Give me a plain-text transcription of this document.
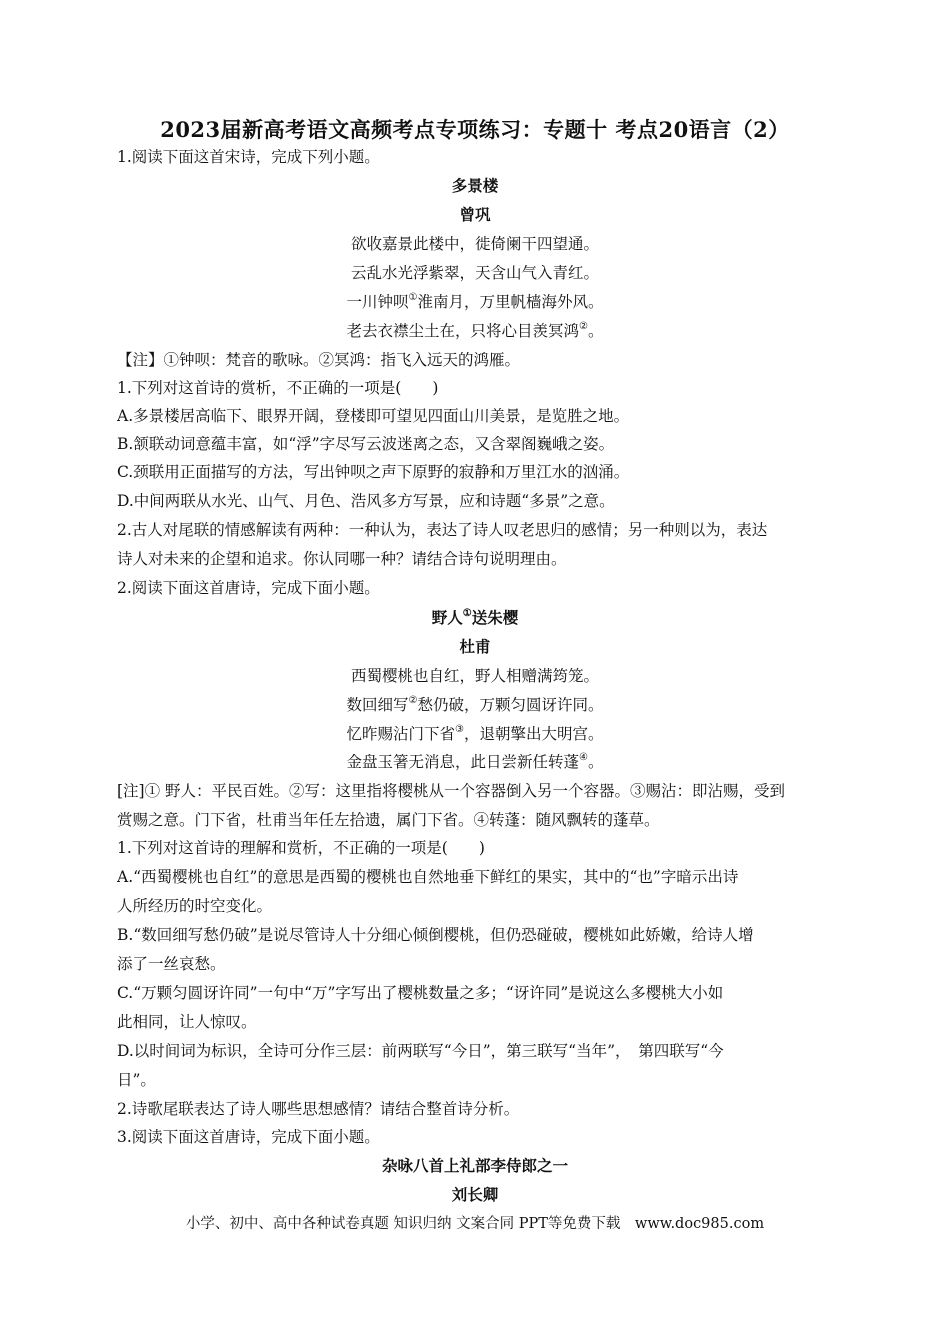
2023届新高考语文高频考点专项练习：专题十 考点20语言（2）
1.阅读下面这首宋诗，完成下列小题。
多景楼
曾巩
欲收嘉景此楼中，徙倚阑干四望通。
云乱水光浮紫翠，天含山气入青红。
一川钟呗①淮南月，万里帆樯海外风。
老去衣襟尘土在，只将心目羡冥鸿②。
【注】①钟呗：梵音的歌咏。②冥鸿：指飞入远天的鸿雁。
1.下列对这首诗的赏析，不正确的一项是(　　)
A.多景楼居高临下、眼界开阔，登楼即可望见四面山川美景，是览胜之地。
B.颔联动词意蕴丰富，如“浮”字尽写云波迷离之态，又含翠阁巍峨之姿。
C.颈联用正面描写的方法，写出钟呗之声下原野的寂静和万里江水的汹涌。
D.中间两联从水光、山气、月色、浩风多方写景，应和诗题“多景”之意。
2.古人对尾联的情感解读有两种：一种认为，表达了诗人叹老思归的感情；另一种则以为，表达
诗人对未来的企望和追求。你认同哪一种？请结合诗句说明理由。
2.阅读下面这首唐诗，完成下面小题。
野人①送朱樱
杜甫
西蜀樱桃也自红，野人相赠满筠笼。
数回细写②愁仍破，万颗匀圆讶许同。
忆昨赐沾门下省③，退朝擎出大明宫。
金盘玉箸无消息，此日尝新任转蓬④。
[注]① 野人：平民百姓。②写：这里指将樱桃从一个容器倒入另一个容器。③赐沾：即沾赐，受到
赏赐之意。门下省，杜甫当年任左拾遗，属门下省。④转蓬：随风飘转的蓬草。
1.下列对这首诗的理解和赏析，不正确的一项是(　　)
A.“西蜀樱桃也自红”的意思是西蜀的樱桃也自然地垂下鲜红的果实，其中的“也”字暗示出诗
人所经历的时空变化。
B.“数回细写愁仍破”是说尽管诗人十分细心倾倒樱桃，但仍恐碰破，樱桃如此娇嫩，给诗人增
添了一丝哀愁。
C.“万颗匀圆讶许同”一句中“万”字写出了樱桃数量之多；“讶许同”是说这么多樱桃大小如
此相同，让人惊叹。
D.以时间词为标识，全诗可分作三层：前两联写“今日”，第三联写“当年”，　第四联写“今
日”。
2.诗歌尾联表达了诗人哪些思想感情？请结合整首诗分析。
3.阅读下面这首唐诗，完成下面小题。
杂咏八首上礼部李侍郎之一
刘长卿
小学、初中、高中各种试卷真题 知识归纳 文案合同 PPT等免费下载　www.doc985.com
